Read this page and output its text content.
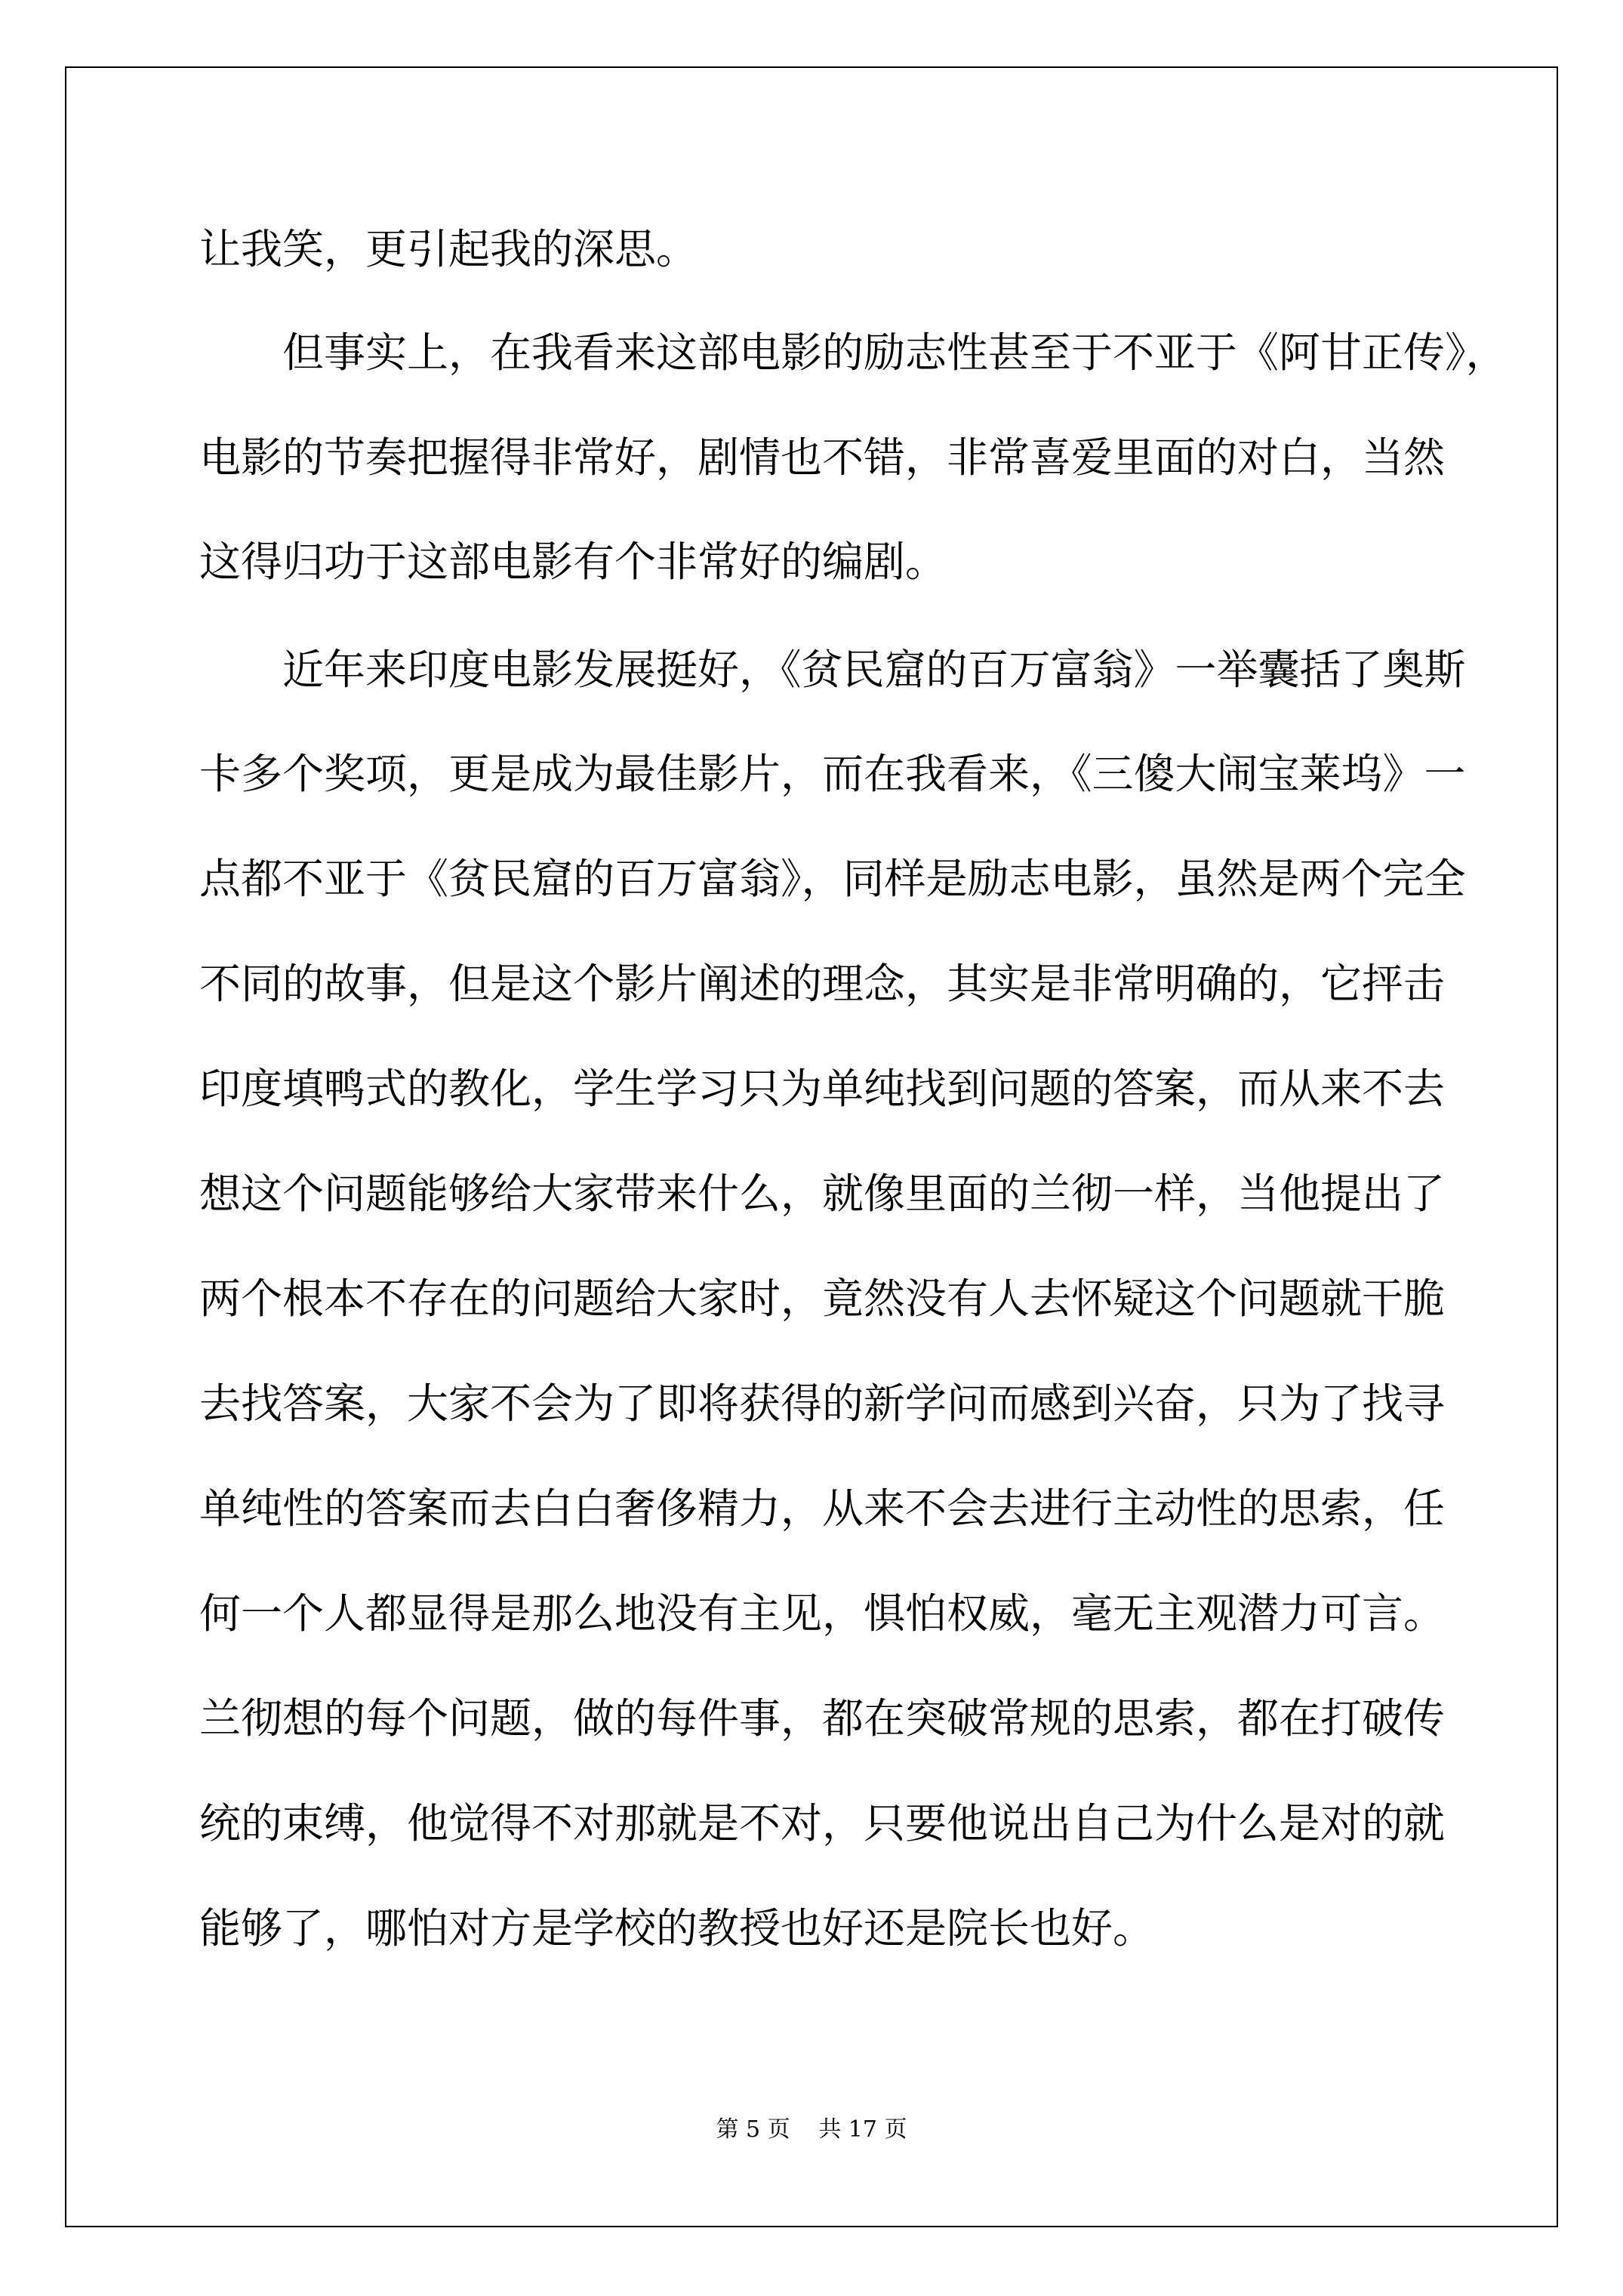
让我笑，更引起我的深思。
但事实上，在我看来这部电影的励志性甚至于不亚于《阿甘正传》，
电影的节奏把握得非常好，剧情也不错，非常喜爱里面的对白，当然
这得归功于这部电影有个非常好的编剧。
近年来印度电影发展挺好，《贫民窟的百万富翁》一举囊括了奥斯
卡多个奖项，更是成为最佳影片，而在我看来，《三傻大闹宝莱坞》一
点都不亚于《贫民窟的百万富翁》，同样是励志电影，虽然是两个完全
不同的故事，但是这个影片阐述的理念，其实是非常明确的，它抨击
印度填鸭式的教化，学生学习只为单纯找到问题的答案，而从来不去
想这个问题能够给大家带来什么，就像里面的兰彻一样，当他提出了
两个根本不存在的问题给大家时，竟然没有人去怀疑这个问题就干脆
去找答案，大家不会为了即将获得的新学问而感到兴奋，只为了找寻
单纯性的答案而去白白奢侈精力，从来不会去进行主动性的思索，任
何一个人都显得是那么地没有主见，惧怕权威，毫无主观潜力可言。
兰彻想的每个问题，做的每件事，都在突破常规的思索，都在打破传
统的束缚，他觉得不对那就是不对，只要他说出自己为什么是对的就
能够了，哪怕对方是学校的教授也好还是院长也好。
第 5 页 共 17 页
